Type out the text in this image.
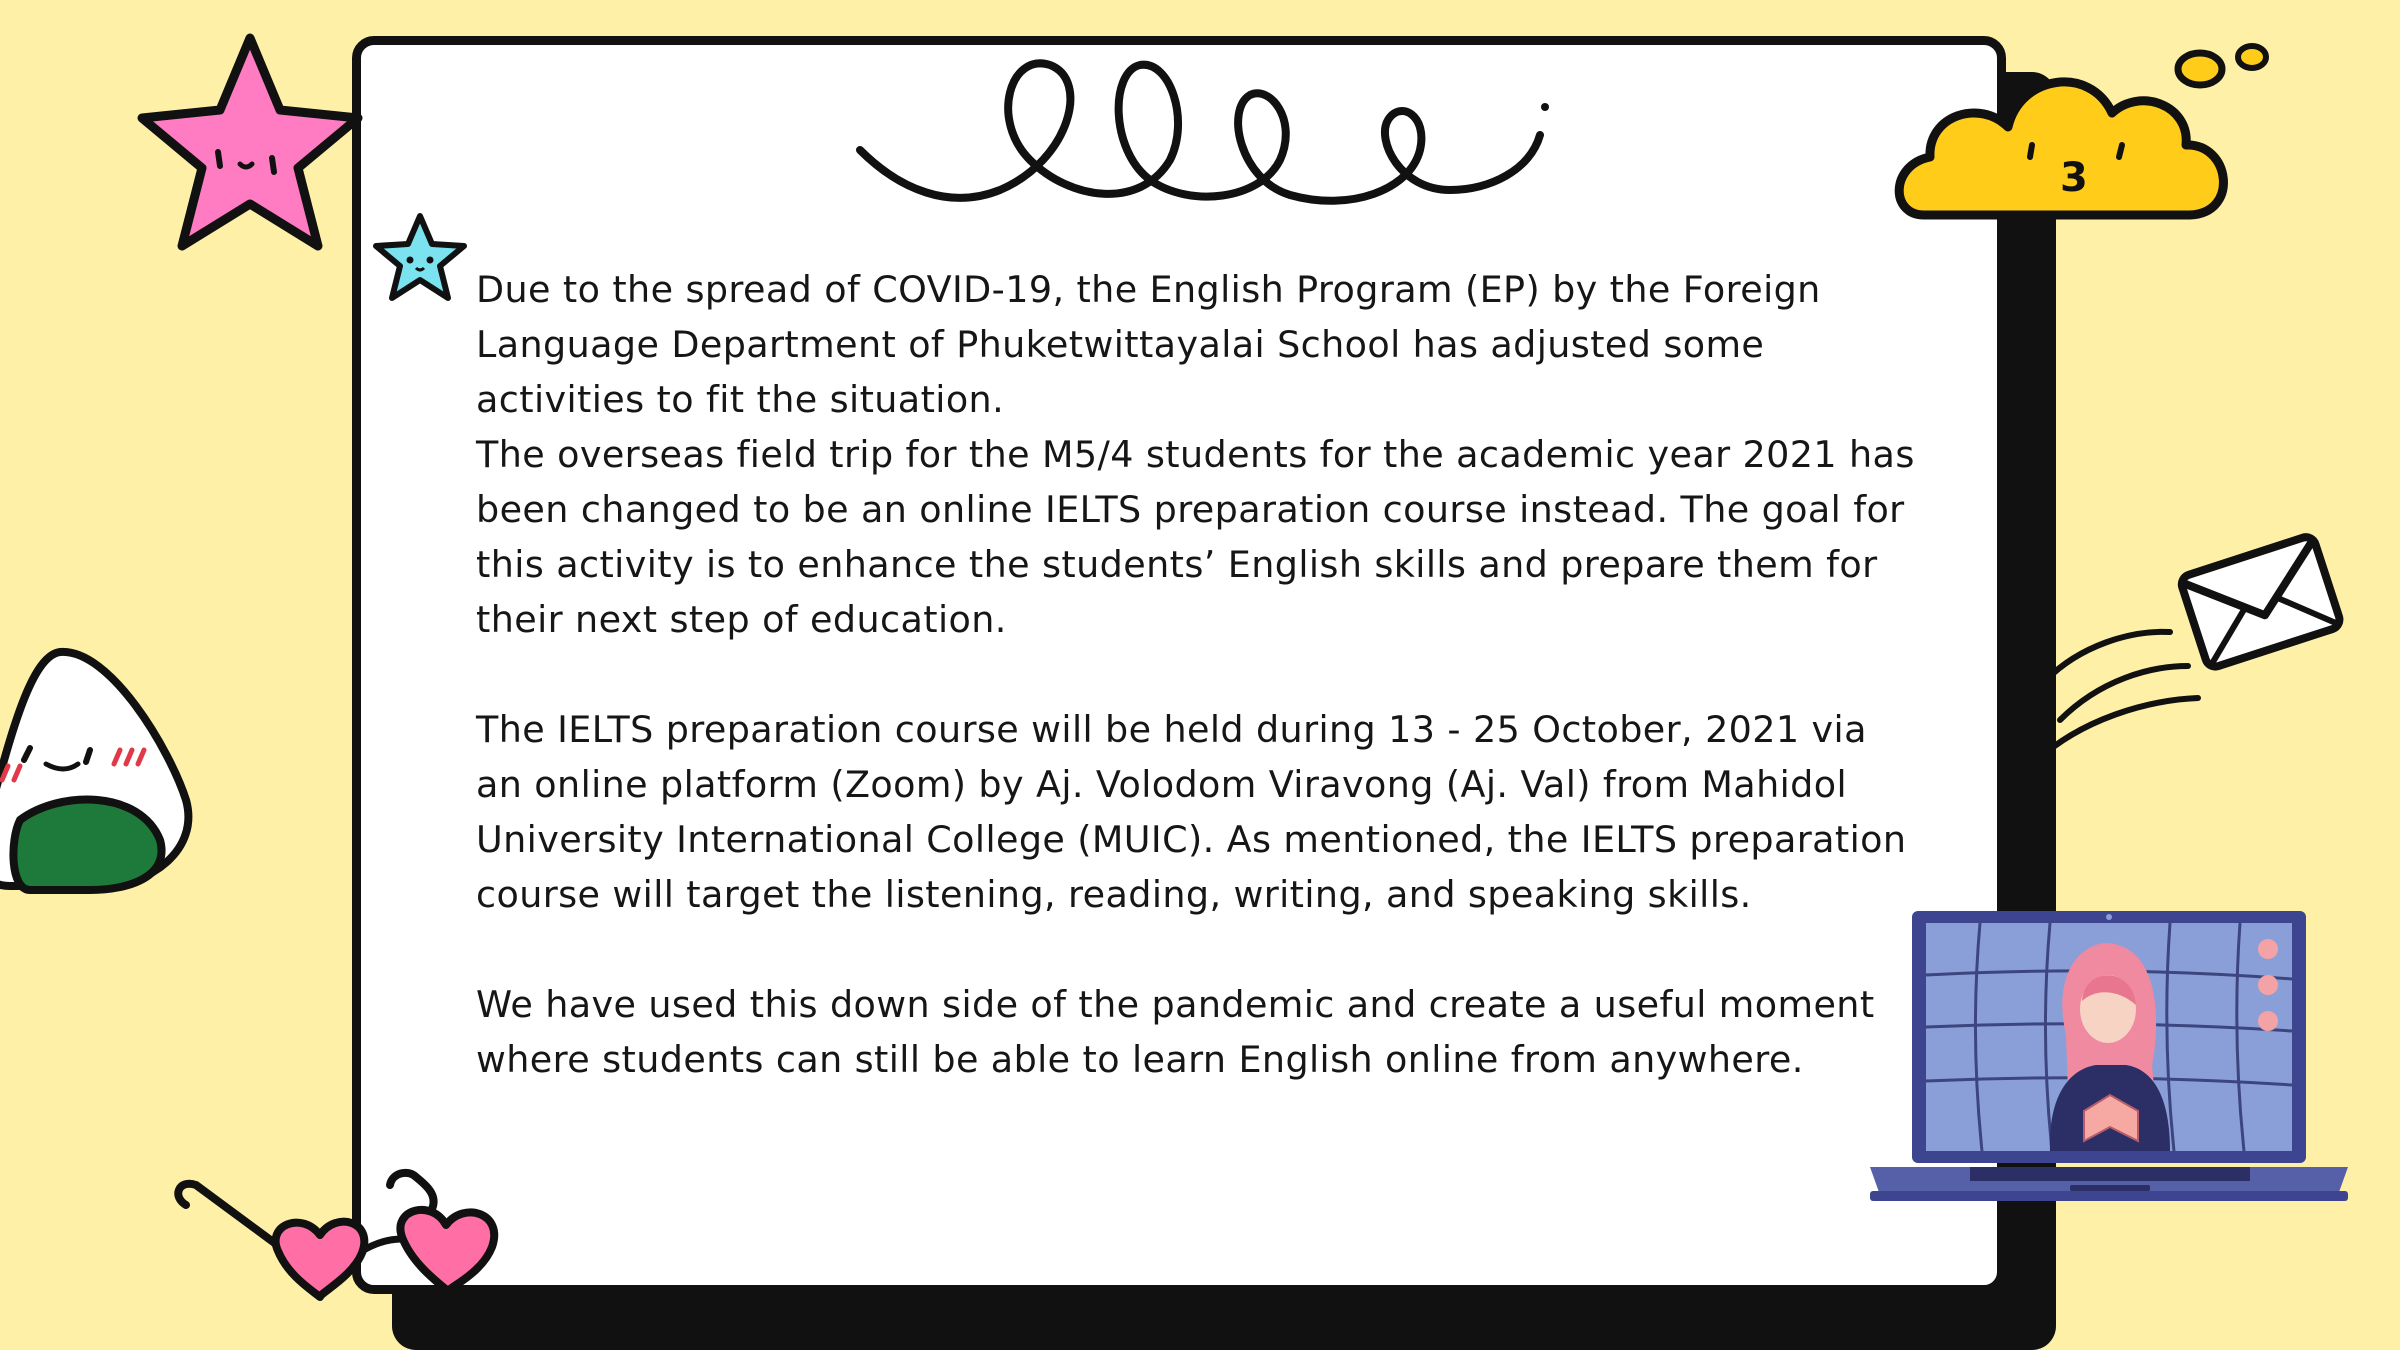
3

Due to the spread of COVID-19, the English Program (EP) by the Foreign Language Department of Phuketwittayalai School has adjusted some activities to fit the situation.

The overseas field trip for the M5/4 students for the academic year 2021 has been changed to be an online IELTS preparation course instead. The goal for this activity is to enhance the students’ English skills and prepare them for their next step of education.

The IELTS preparation course will be held during 13 - 25 October, 2021 via an online platform (Zoom) by Aj. Volodom Viravong (Aj. Val) from Mahidol University International College (MUIC). As mentioned, the IELTS preparation course will target the listening, reading, writing, and speaking skills.

We have used this down side of the pandemic and create a useful moment where students can still be able to learn English online from anywhere.
